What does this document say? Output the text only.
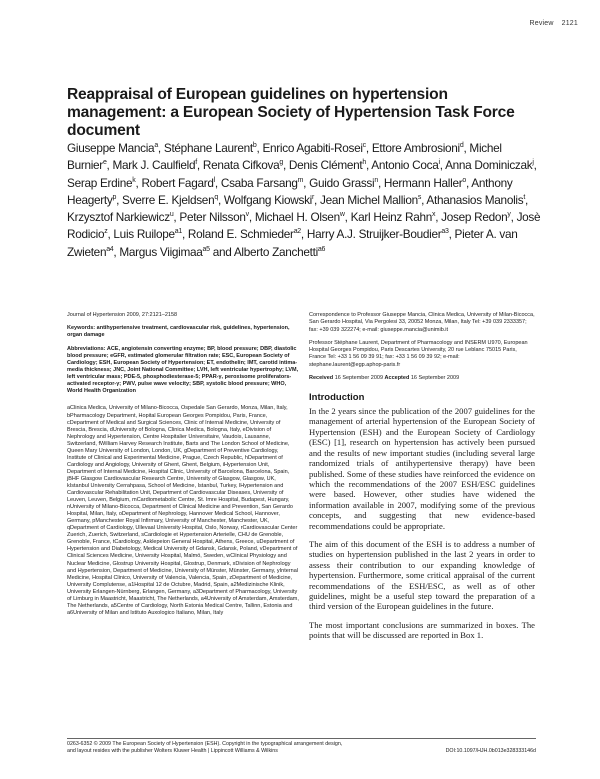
Review 2121
Reappraisal of European guidelines on hypertension management: a European Society of Hypertension Task Force document
Giuseppe Mancia$^a$, Stéphane Laurent$^b$, Enrico Agabiti-Rosei$^c$, Ettore Ambrosioni$^d$, Michel Burnier$^e$, Mark J. Caulfield$^f$, Renata Cifkova$^g$, Denis Clément$^h$, Antonio Coca$^i$, Anna Dominiczak$^j$, Serap Erdine$^k$, Robert Fagard$^l$, Csaba Farsang$^m$, Guido Grassi$^n$, Hermann Haller$^o$, Anthony Heagerty$^p$, Sverre E. Kjeldsen$^q$, Wolfgang Kiowski$^r$, Jean Michel Mallion$^s$, Athanasios Manolis$^t$, Krzysztof Narkiewicz$^u$, Peter Nilsson$^v$, Michael H. Olsen$^w$, Karl Heinz Rahn$^x$, Josep Redon$^y$, Josè Rodicio$^z$, Luis Ruilope$^{a1}$, Roland E. Schmieder$^{a2}$, Harry A.J. Struijker-Boudier$^{a3}$, Pieter A. van Zwieten$^{a4}$, Margus Viigimaa$^{a5}$ and Alberto Zanchetti$^{a6}$
Journal of Hypertension 2009, 27:2121–2158
Keywords: antihypertensive treatment, cardiovascular risk, guidelines, hypertension, organ damage
Abbreviations: ACE, angiotensin converting enzyme; BP, blood pressure; DBP, diastolic blood pressure; eGFR, estimated glomerular filtration rate; ESC, European Society of Cardiology; ESH, European Society of Hypertension; ET, endothelin; IMT, carotid intima-media thickness; JNC, Joint National Committee; LVH, left ventricular hypertrophy; LVM, left ventricular mass; PDE-5, phosphodiesterase-5; PPAR-γ, peroxisome proliferators-activated receptor-γ; PWV, pulse wave velocity; SBP, systolic blood pressure; WHO, World Health Organization

aClinica Medica, University of Milano-Bicocca, Ospedale San Gerardo, Monza, Milan, Italy, bPharmacology Department, Hopital European Georges Pompidou, Paris, France, cDepartment of Medical and Surgical Sciences, Clinic of Internal Medicine, University of Brescia, Brescia, dUniversity of Bologna, Clinica Medica, Bologna, Italy, eDivision of Nephrology and Hypertension, Centre Hospitalier Universitaire, Vaudois, Lausanne, Switzerland, fWilliam Harvey Research Institute, Barts and The London School of Medicine, Queen Mary University of London, London, UK, gDepartment of Preventive Cardiology, Institute of Clinical and Experimental Medicine, Prague, Czech Republic, hDepartment of Cardiology and Angiology, University of Ghent, Ghent, Belgium, iHypertension Unit, Department of Internal Medicine, Hospital Clinic, University of Barcelona, Barcelona, Spain, jBHF Glasgow Cardiovascular Research Centre, University of Glasgow, Glasgow, UK, kIstanbul University Cerrahpasa, School of Medicine, Istanbul, Turkey, lHypertension and Cardiovascular Rehabilitation Unit, Department of Cardiovascular Diseases, University of Leuven, Leuven, Belgium, mCardiometabolic Centre, St. Imre Hospital, Budapest, Hungary, nUniversity of Milano-Bicocca, Department of Clinical Medicine and Prevention, San Gerardo Hospital, Milan, Italy, oDepartment of Nephrology, Hannover Medical School, Hannover, Germany, pManchester Royal Infirmary, University of Manchester, Manchester, UK, qDepartment of Cardiology, Ullevaal University Hospital, Oslo, Norway, rCardiovascular Center Zuerich, Zuerich, Switzerland, sCardiologie et Hypertension Arterielle, CHU de Grenoble, Grenoble, France, tCardiology, Asklepeion General Hospital, Athens, Greece, uDepartment of Hypertension and Diabetology, Medical University of Gdansk, Gdansk, Poland, vDepartment of Clinical Sciences Medicine, University Hospital, Malmö, Sweden, wClinical Physiology and Nuclear Medicine, Glostrup University Hospital, Glostrup, Denmark, xDivision of Nephrology and Hypertension, Department of Medicine, University of Münster, Münster, Germany, yInternal Medicine, Hospital Clinico, University of Valencia, Valencia, Spain, zDepartment of Medicine, University Complutense, a1Hospital 12 de Octubre, Madrid, Spain, a2Medizinische Klinik, University Erlangen-Nürnberg, Erlangen, Germany, a3Department of Pharmacology, University of Limburg in Maastricht, Maastricht, The Netherlands, a4University of Amsterdam, Amsterdam, The Netherlands, a5Centre of Cardiology, North Estonia Medical Centre, Tallinn, Estonia and a6University of Milan and Istituto Auxologico Italiano, Milan, Italy

Correspondence to Professor Giuseppe Mancia, Clinica Medica, University of Milan-Bicocca, San Gerardo Hospital, Via Pergolesi 33, 20052 Monza, Milan, Italy Tel: +39 039 2333357; fax: +39 039 322274; e-mail: giuseppe.mancia@unimib.it
Professor Stéphane Laurent, Department of Pharmacology and INSERM U970, European Hospital Georges Pompidou, Paris Descartes University, 20 rue Leblanc 75015 Paris, France Tel: +33 1 56 09 39 91; fax: +33 1 56 09 39 92; e-mail: stephane.laurent@egp.aphop-paris.fr
Received 16 September 2009 Accepted 16 September 2009
Introduction

In the 2 years since the publication of the 2007 guidelines for the management of arterial hypertension of the European Society of Hypertension (ESH) and the European Society of Cardiology (ESC) [1], research on hypertension has actively been pursued and the results of new important studies (including several large randomized trials of antihypertensive therapy) have been published. Some of these studies have reinforced the evidence on which the recommendations of the 2007 ESH/ESC guidelines were based. However, other studies have widened the information available in 2007, modifying some of the previous concepts, and suggesting that new evidence-based recommendations could be appropriate.

The aim of this document of the ESH is to address a number of studies on hypertension published in the last 2 years in order to assess their contribution to our expanding knowledge of hypertension. Furthermore, some critical appraisal of the current recommendations of the ESH/ESC, as well as of other guidelines, might be a useful step toward the preparation of a third version of the European guidelines in the future.

The most important conclusions are summarized in boxes. The points that will be discussed are reported in Box 1.

0263-6352 © 2009 The European Society of Hypertension (ESH). Copyright in the typographical arrangement design,
and layout resides with the publisher Wolters Kluwer Health | Lippincott Williams & Wilkins	DOI:10.1097/HJH.0b013e328333146d
